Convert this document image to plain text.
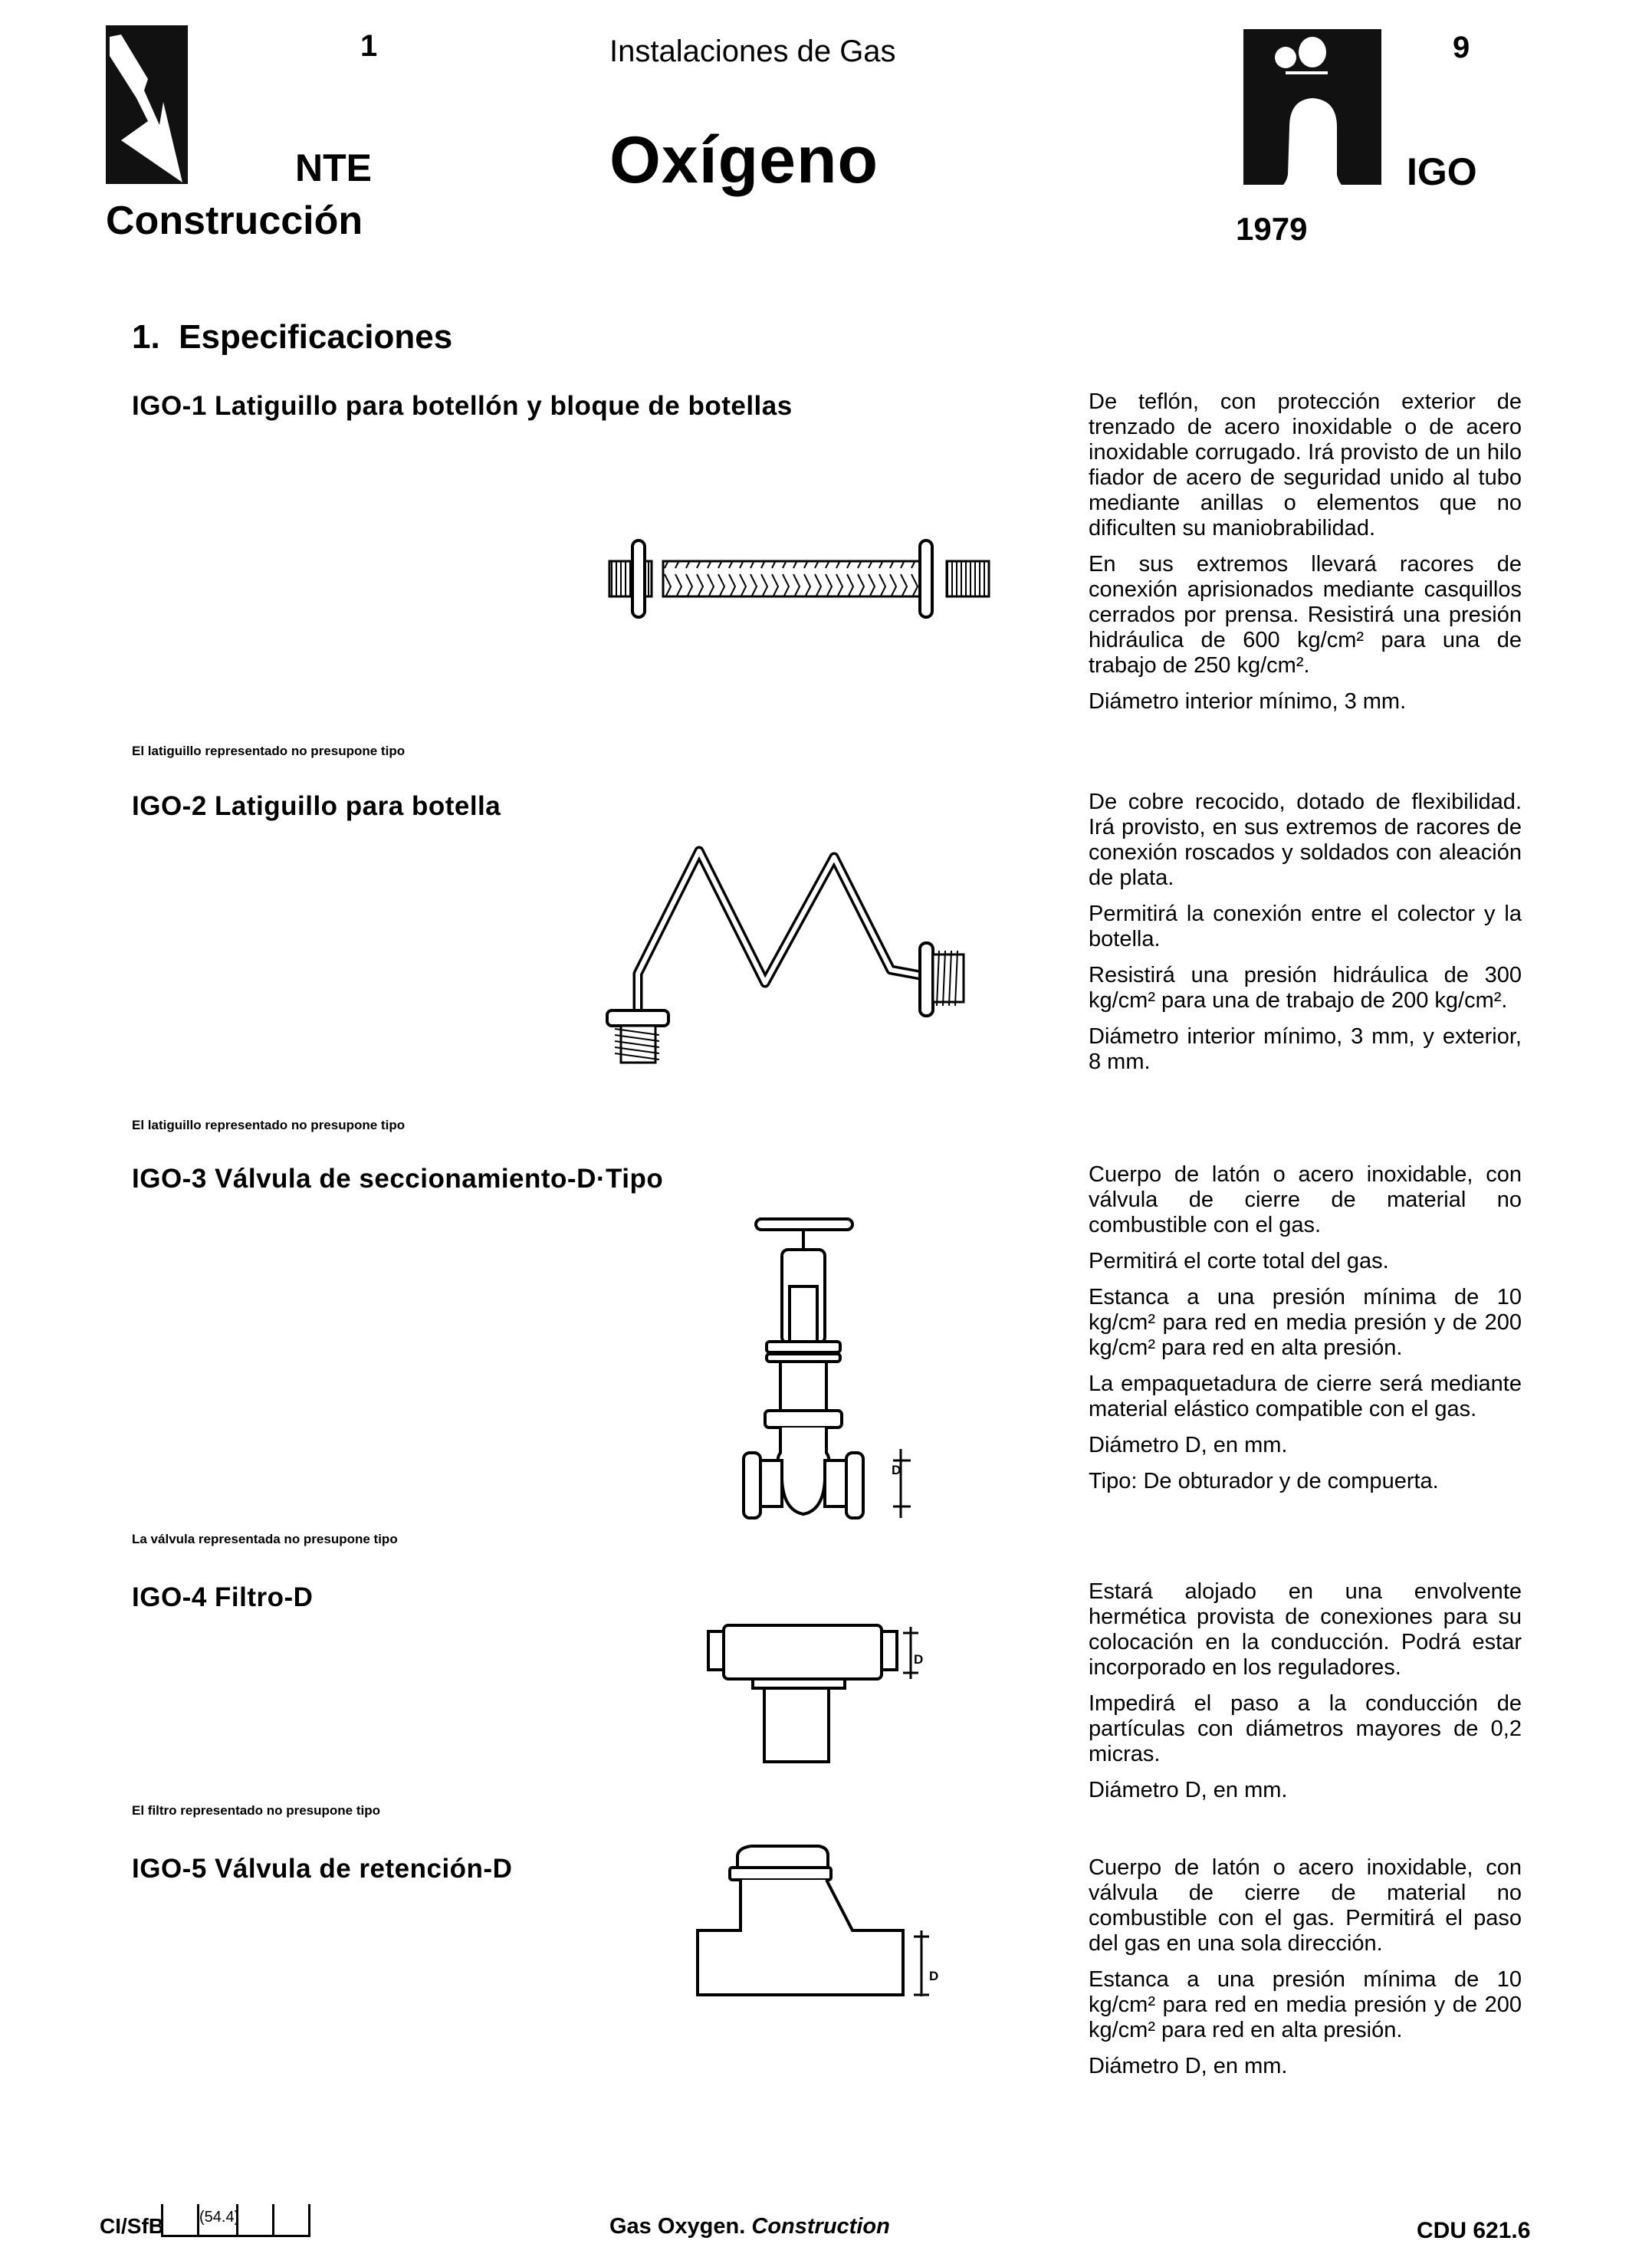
1
NTE
Construcción
Instalaciones de Gas
Oxígeno
9
IGO
1979
1. Especificaciones
IGO-1 Latiguillo para botellón y bloque de botellas
El latiguillo representado no presupone tipo

De teflón, con protección exterior de trenzado de acero inoxidable o de acero inoxidable corrugado. Irá provisto de un hilo fiador de acero de seguridad unido al tubo mediante anillas o elementos que no dificulten su maniobrabilidad.

En sus extremos llevará racores de conexión aprisionados mediante casquillos cerrados por prensa. Resistirá una presión hidráulica de 600 kg/cm² para una de trabajo de 250 kg/cm².

Diámetro interior mínimo, 3 mm.

IGO-2 Latiguillo para botella
El latiguillo representado no presupone tipo

De cobre recocido, dotado de flexibilidad. Irá provisto, en sus extremos de racores de conexión roscados y soldados con aleación de plata.

Permitirá la conexión entre el colector y la botella.

Resistirá una presión hidráulica de 300 kg/cm² para una de trabajo de 200 kg/cm².

Diámetro interior mínimo, 3 mm, y exterior, 8 mm.

IGO-3 Válvula de seccionamiento-D·Tipo
D
La válvula representada no presupone tipo

Cuerpo de latón o acero inoxidable, con válvula de cierre de material no combustible con el gas.

Permitirá el corte total del gas.

Estanca a una presión mínima de 10 kg/cm² para red en media presión y de 200 kg/cm² para red en alta presión.

La empaquetadura de cierre será mediante material elástico compatible con el gas.

Diámetro D, en mm.

Tipo: De obturador y de compuerta.

IGO-4 Filtro-D
D
El filtro representado no presupone tipo

Estará alojado en una envolvente hermética provista de conexiones para su colocación en la conducción. Podrá estar incorporado en los reguladores.

Impedirá el paso a la conducción de partículas con diámetros mayores de 0,2 micras.

Diámetro D, en mm.

IGO-5 Válvula de retención-D
D

Cuerpo de latón o acero inoxidable, con válvula de cierre de material no combustible con el gas. Permitirá el paso del gas en una sola dirección.

Estanca a una presión mínima de 10 kg/cm² para red en media presión y de 200 kg/cm² para red en alta presión.

Diámetro D, en mm.

CI/SfB (54.4)	Gas Oxygen. Construction	CDU 621.6
